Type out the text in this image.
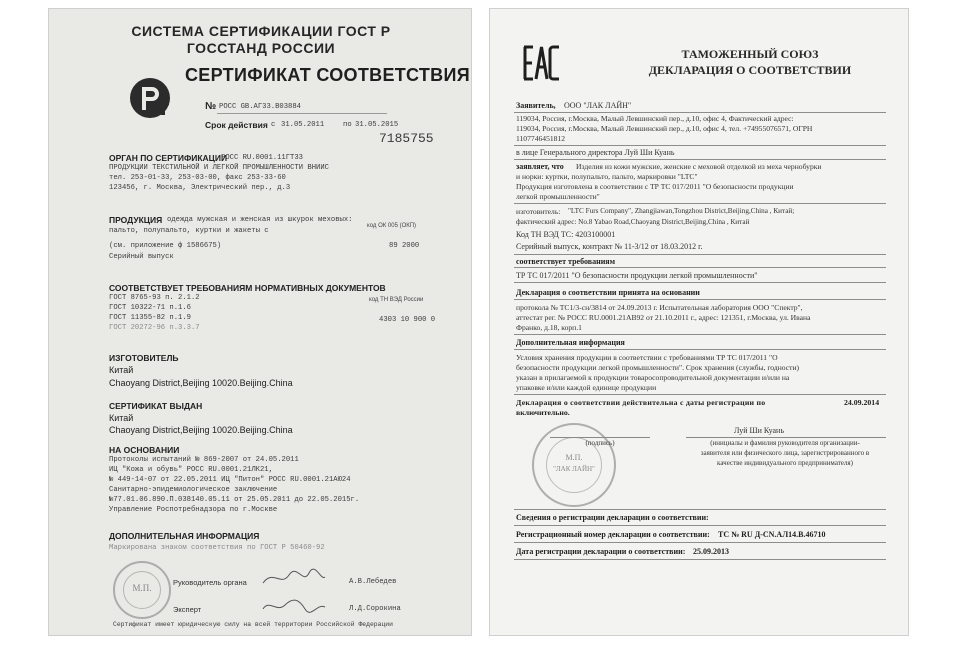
СИСТЕМА СЕРТИФИКАЦИИ ГОСТ Р
ГОССТАНД РОССИИ
СЕРТИФИКАТ СООТВЕТСТВИЯ
№ РОСС GB.АГ33.В03884
Срок действия с 31.05.2011	по 31.05.2015
7185755
ОРГАН ПО СЕРТИФИКАЦИИ
РОСС RU.0001.11ГТ33
ПРОДУКЦИИ ТЕКСТИЛЬНОЙ И ЛЕГКОЙ ПРОМЫШЛЕННОСТИ ВНИИС
тел. 253-01-33, 253-03-00, факс 253-33-60
123456, г. Москва, Электрический пер., д.3
ПРОДУКЦИЯ одежда мужская и женская из шкурок меховых:
пальто, полупальто, куртки и жакеты с
(см. приложение ф 1586675)
Серийный выпуск
код ОК 005 (ОКП)
89 2000
СООТВЕТСТВУЕТ ТРЕБОВАНИЯМ НОРМАТИВНЫХ ДОКУМЕНТОВ
ГОСТ 8765-93 п. 2.1.2
ГОСТ 10322-71 п.1.6
ГОСТ 11355-82 п.1.9
ГОСТ 20272-96 п.3.3.7
код ТН ВЭД России
4303 10 900 0
ИЗГОТОВИТЕЛЬ
Китай
Chaoyang District,Beijing 10020.Beijing.China
СЕРТИФИКАТ ВЫДАН
Китай
Chaoyang District,Beijing 10020.Beijing.China
НА ОСНОВАНИИ
Протоколы испытаний № 869-2007 от 24.05.2011
ИЦ "Кожа и обувь" РОСС RU.0001.21ЛК21,
№ 449-14-07 от 22.05.2011 ИЦ "Питон" РОСС RU.0001.21АЮ24
Санитарно-эпидемиологическое заключение
№77.01.06.890.П.038140.05.11 от 25.05.2011 до 22.05.2015г.
Управление Роспотребнадзора по г.Москве
ДОПОЛНИТЕЛЬНАЯ ИНФОРМАЦИЯ
Маркирована знаком соответствия по ГОСТ Р 50460-92
М.П.
Руководитель органа	А.В.Лебедев
Эксперт	Л.Д.Сорокина
Сертификат имеет юридическую силу на всей территории Российской Федерации
ТАМОЖЕННЫЙ СОЮЗ
ДЕКЛАРАЦИЯ О СООТВЕТСТВИИ
Заявитель, ООО "ЛАК ЛАЙН"
119034, Россия, г.Москва, Малый Левшинский пер., д.10, офис 4, Фактический адрес:
119034, Россия, г.Москва, Малый Левшинский пер., д.10, офис 4, тел. +74955076571, ОГРН
1107746451812
в лице Генерального директора Луй Ши Куань
заявляет, что Изделия из кожи мужские, женские с меховой отделкой из меха чернобурки
и норки: куртки, полупальто, пальто, маркировки "LTC"
Продукция изготовлена в соответствии с ТР ТС 017/2011 "О безопасности продукции
легкой промышленности"
изготовитель: "LTC Furs Company", Zhangjiawan,Tongzhou District,Beijing,China , Китай;
фактический адрес: No.8 Yabao Road,Chaoyang District,Beijing,China , Китай
Код ТН ВЭД ТС: 4203100001
Серийный выпуск, контракт № 11-3/12 от 18.03.2012 г.
соответствует требованиям
ТР ТС 017/2011 "О безопасности продукции легкой промышленности"
Декларация о соответствии принята на основании
протокола № ТС1/3-сн/3814 от 24.09.2013 г. Испытательная лаборатория ООО "Спектр",
аттестат рег. № РОСС RU.0001.21АВ92 от 21.10.2011 г., адрес: 121351, г.Москва, ул. Ивана
Франко, д.18, корп.1
Дополнительная информация
Условия хранения продукции в соответствии с требованиями ТР ТС 017/2011 "О
безопасности продукции легкой промышленности". Срок хранения (службы, годности)
указан в прилагаемой к продукции товаросопроводительной документации и/или на
упаковке и/или каждой единице продукции
Декларация о соответствии действительна с даты регистрации по	24.09.2014
включительно.
М.П.
"ЛАК ЛАЙН"
Луй Ши Куань
(подпись)	(инициалы и фамилия руководителя организации-
заявителя или физического лица, зарегистрированного в
качестве индивидуального предпринимателя)
Сведения о регистрации декларации о соответствии:
Регистрационный номер декларации о соответствии: ТС № RU Д-CN.АЛ14.В.46710
Дата регистрации декларации о соответствии: 25.09.2013
